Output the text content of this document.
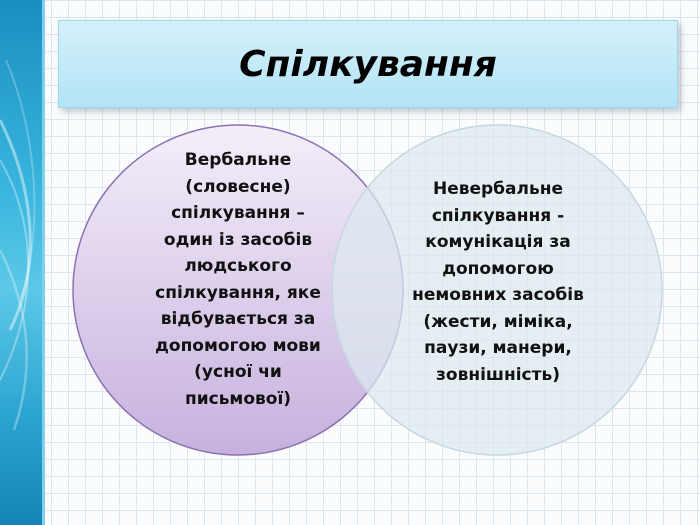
Спілкування
Вербальне
(словесне)
спілкування –
один із засобів
людського
спілкування, яке
відбувається за
допомогою мови
(усної чи
письмової)
Невербальне
спілкування -
комунікація за
допомогою
немовних засобів
(жести, міміка,
паузи, манери,
зовнішність)
